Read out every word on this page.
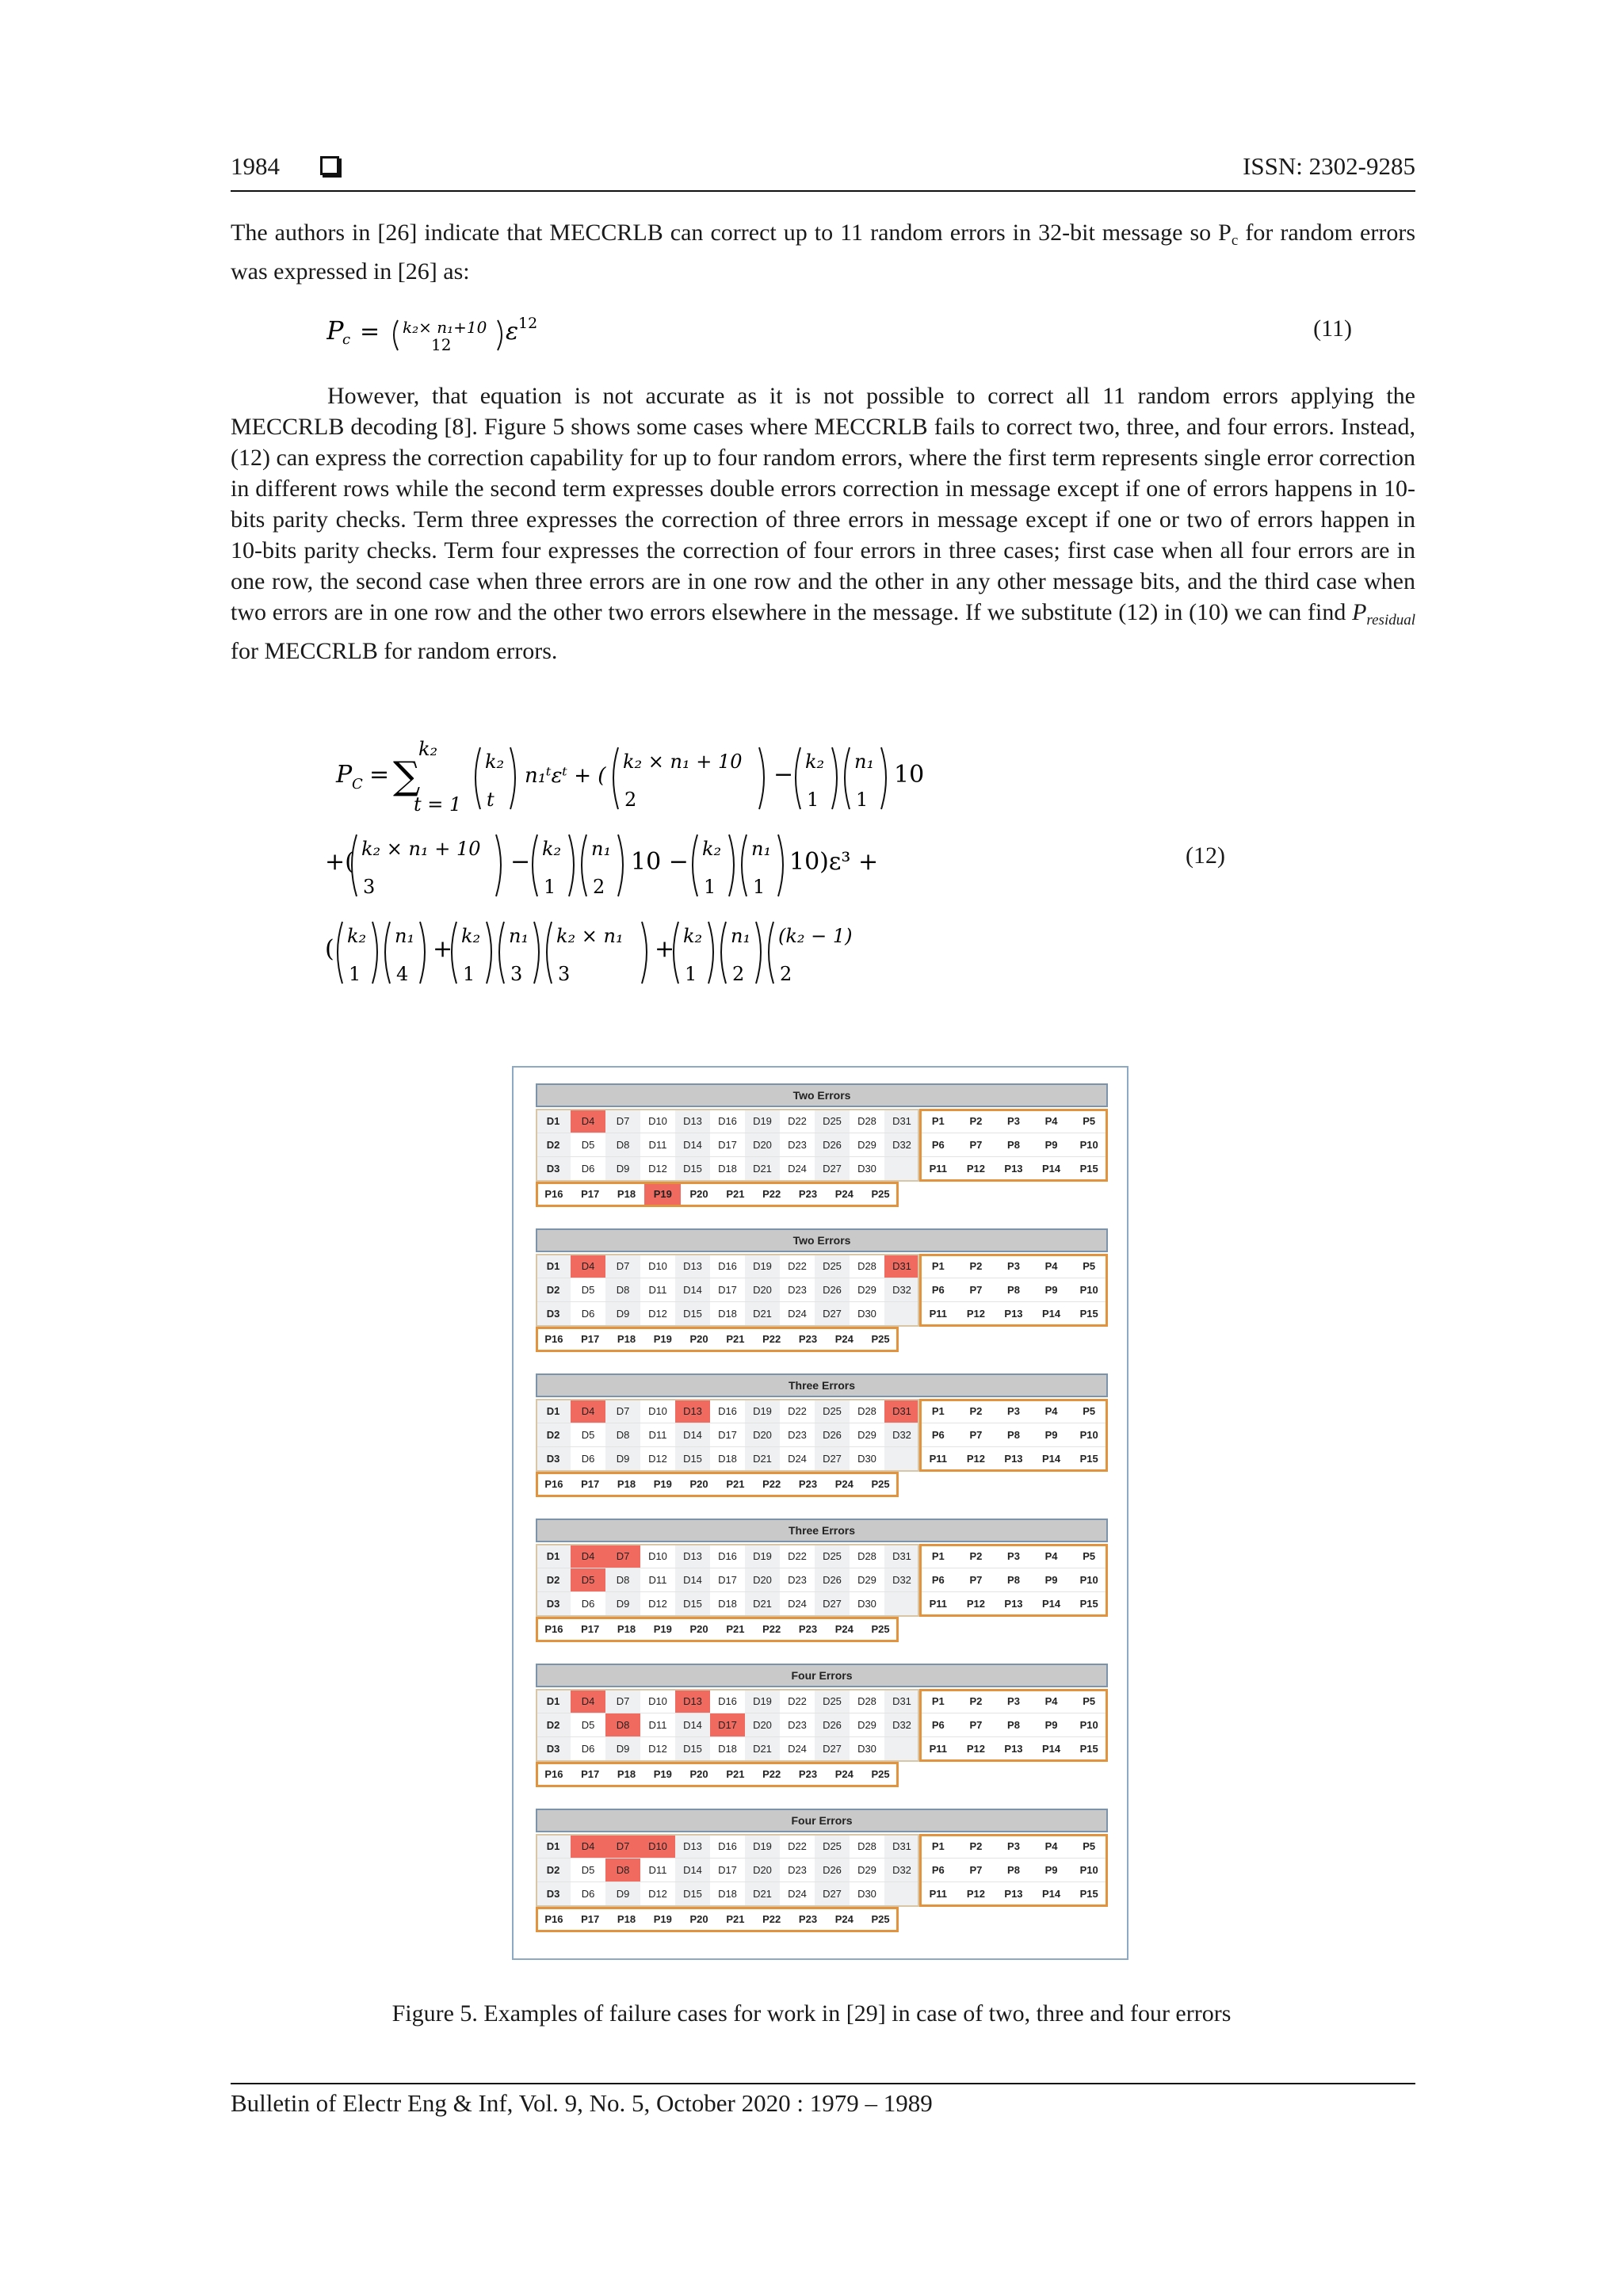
1984	ISSN: 2302-9285
The authors in [26] indicate that MECCRLB can correct up to 11 random errors in 32-bit message so $P_c$ for random errors was expressed in [26] as:
P
c = k₂× n₁+10
12 ε 12	(11)
However, that equation is not accurate as it is not possible to correct all 11 random errors applying the MECCRLB decoding [8]. Figure 5 shows some cases where MECCRLB fails to correct two, three, and four errors. Instead, (12) can express the correction capability for up to four random errors, where the first term represents single error correction in different rows while the second term expresses double errors correction in message except if one of errors happens in 10-bits parity checks. Term three expresses the correction of three errors in message except if one or two of errors happen in 10-bits parity checks. Term four expresses the correction of four errors in three cases; first case when all four errors are in one row, the second case when three errors are in one row and the other in any other message bits, and the third case when two errors are in one row and the other two errors elsewhere in the message. If we substitute (12) in (10) we can find $P_{residual}$ for MECCRLB for random errors.
P C = ∑
k₂
t = 1
k₂
t
n₁ᵗεᵗ + (
k₂ × n₁ + 10
2
− k₂
1
n₁
1
10
+( k₂ × n₁ + 10
3
− k₂
1
n₁
2
10 − k₂
1
n₁
1
10)ε³ +
( k₂
1
n₁
4
+ k₂
1
n₁
3
k₂ × n₁
3
+ k₂
1
n₁
2
(k₂ − 1)
2
(12)
Two Errors
D1	D4	D7	D10	D13	D16	D19	D22	D25	D28	D31
D2	D5	D8	D11	D14	D17	D20	D23	D26	D29	D32
D3	D6	D9	D12	D15	D18	D21	D24	D27	D30
P1	P2	P3	P4	P5
P6	P7	P8	P9	P10
P11	P12	P13	P14	P15
P16	P17	P18	P19	P20	P21	P22	P23	P24	P25
Two Errors
D1	D4	D7	D10	D13	D16	D19	D22	D25	D28	D31
D2	D5	D8	D11	D14	D17	D20	D23	D26	D29	D32
D3	D6	D9	D12	D15	D18	D21	D24	D27	D30
P1	P2	P3	P4	P5
P6	P7	P8	P9	P10
P11	P12	P13	P14	P15
P16	P17	P18	P19	P20	P21	P22	P23	P24	P25
Three Errors
D1	D4	D7	D10	D13	D16	D19	D22	D25	D28	D31
D2	D5	D8	D11	D14	D17	D20	D23	D26	D29	D32
D3	D6	D9	D12	D15	D18	D21	D24	D27	D30
P1	P2	P3	P4	P5
P6	P7	P8	P9	P10
P11	P12	P13	P14	P15
P16	P17	P18	P19	P20	P21	P22	P23	P24	P25
Three Errors
D1	D4	D7	D10	D13	D16	D19	D22	D25	D28	D31
D2	D5	D8	D11	D14	D17	D20	D23	D26	D29	D32
D3	D6	D9	D12	D15	D18	D21	D24	D27	D30
P1	P2	P3	P4	P5
P6	P7	P8	P9	P10
P11	P12	P13	P14	P15
P16	P17	P18	P19	P20	P21	P22	P23	P24	P25
Four Errors
D1	D4	D7	D10	D13	D16	D19	D22	D25	D28	D31
D2	D5	D8	D11	D14	D17	D20	D23	D26	D29	D32
D3	D6	D9	D12	D15	D18	D21	D24	D27	D30
P1	P2	P3	P4	P5
P6	P7	P8	P9	P10
P11	P12	P13	P14	P15
P16	P17	P18	P19	P20	P21	P22	P23	P24	P25
Four Errors
D1	D4	D7	D10	D13	D16	D19	D22	D25	D28	D31
D2	D5	D8	D11	D14	D17	D20	D23	D26	D29	D32
D3	D6	D9	D12	D15	D18	D21	D24	D27	D30
P1	P2	P3	P4	P5
P6	P7	P8	P9	P10
P11	P12	P13	P14	P15
P16	P17	P18	P19	P20	P21	P22	P23	P24	P25
Figure 5. Examples of failure cases for work in [29] in case of two, three and four errors
Bulletin of Electr Eng & Inf, Vol. 9, No. 5, October 2020 : 1979 – 1989
